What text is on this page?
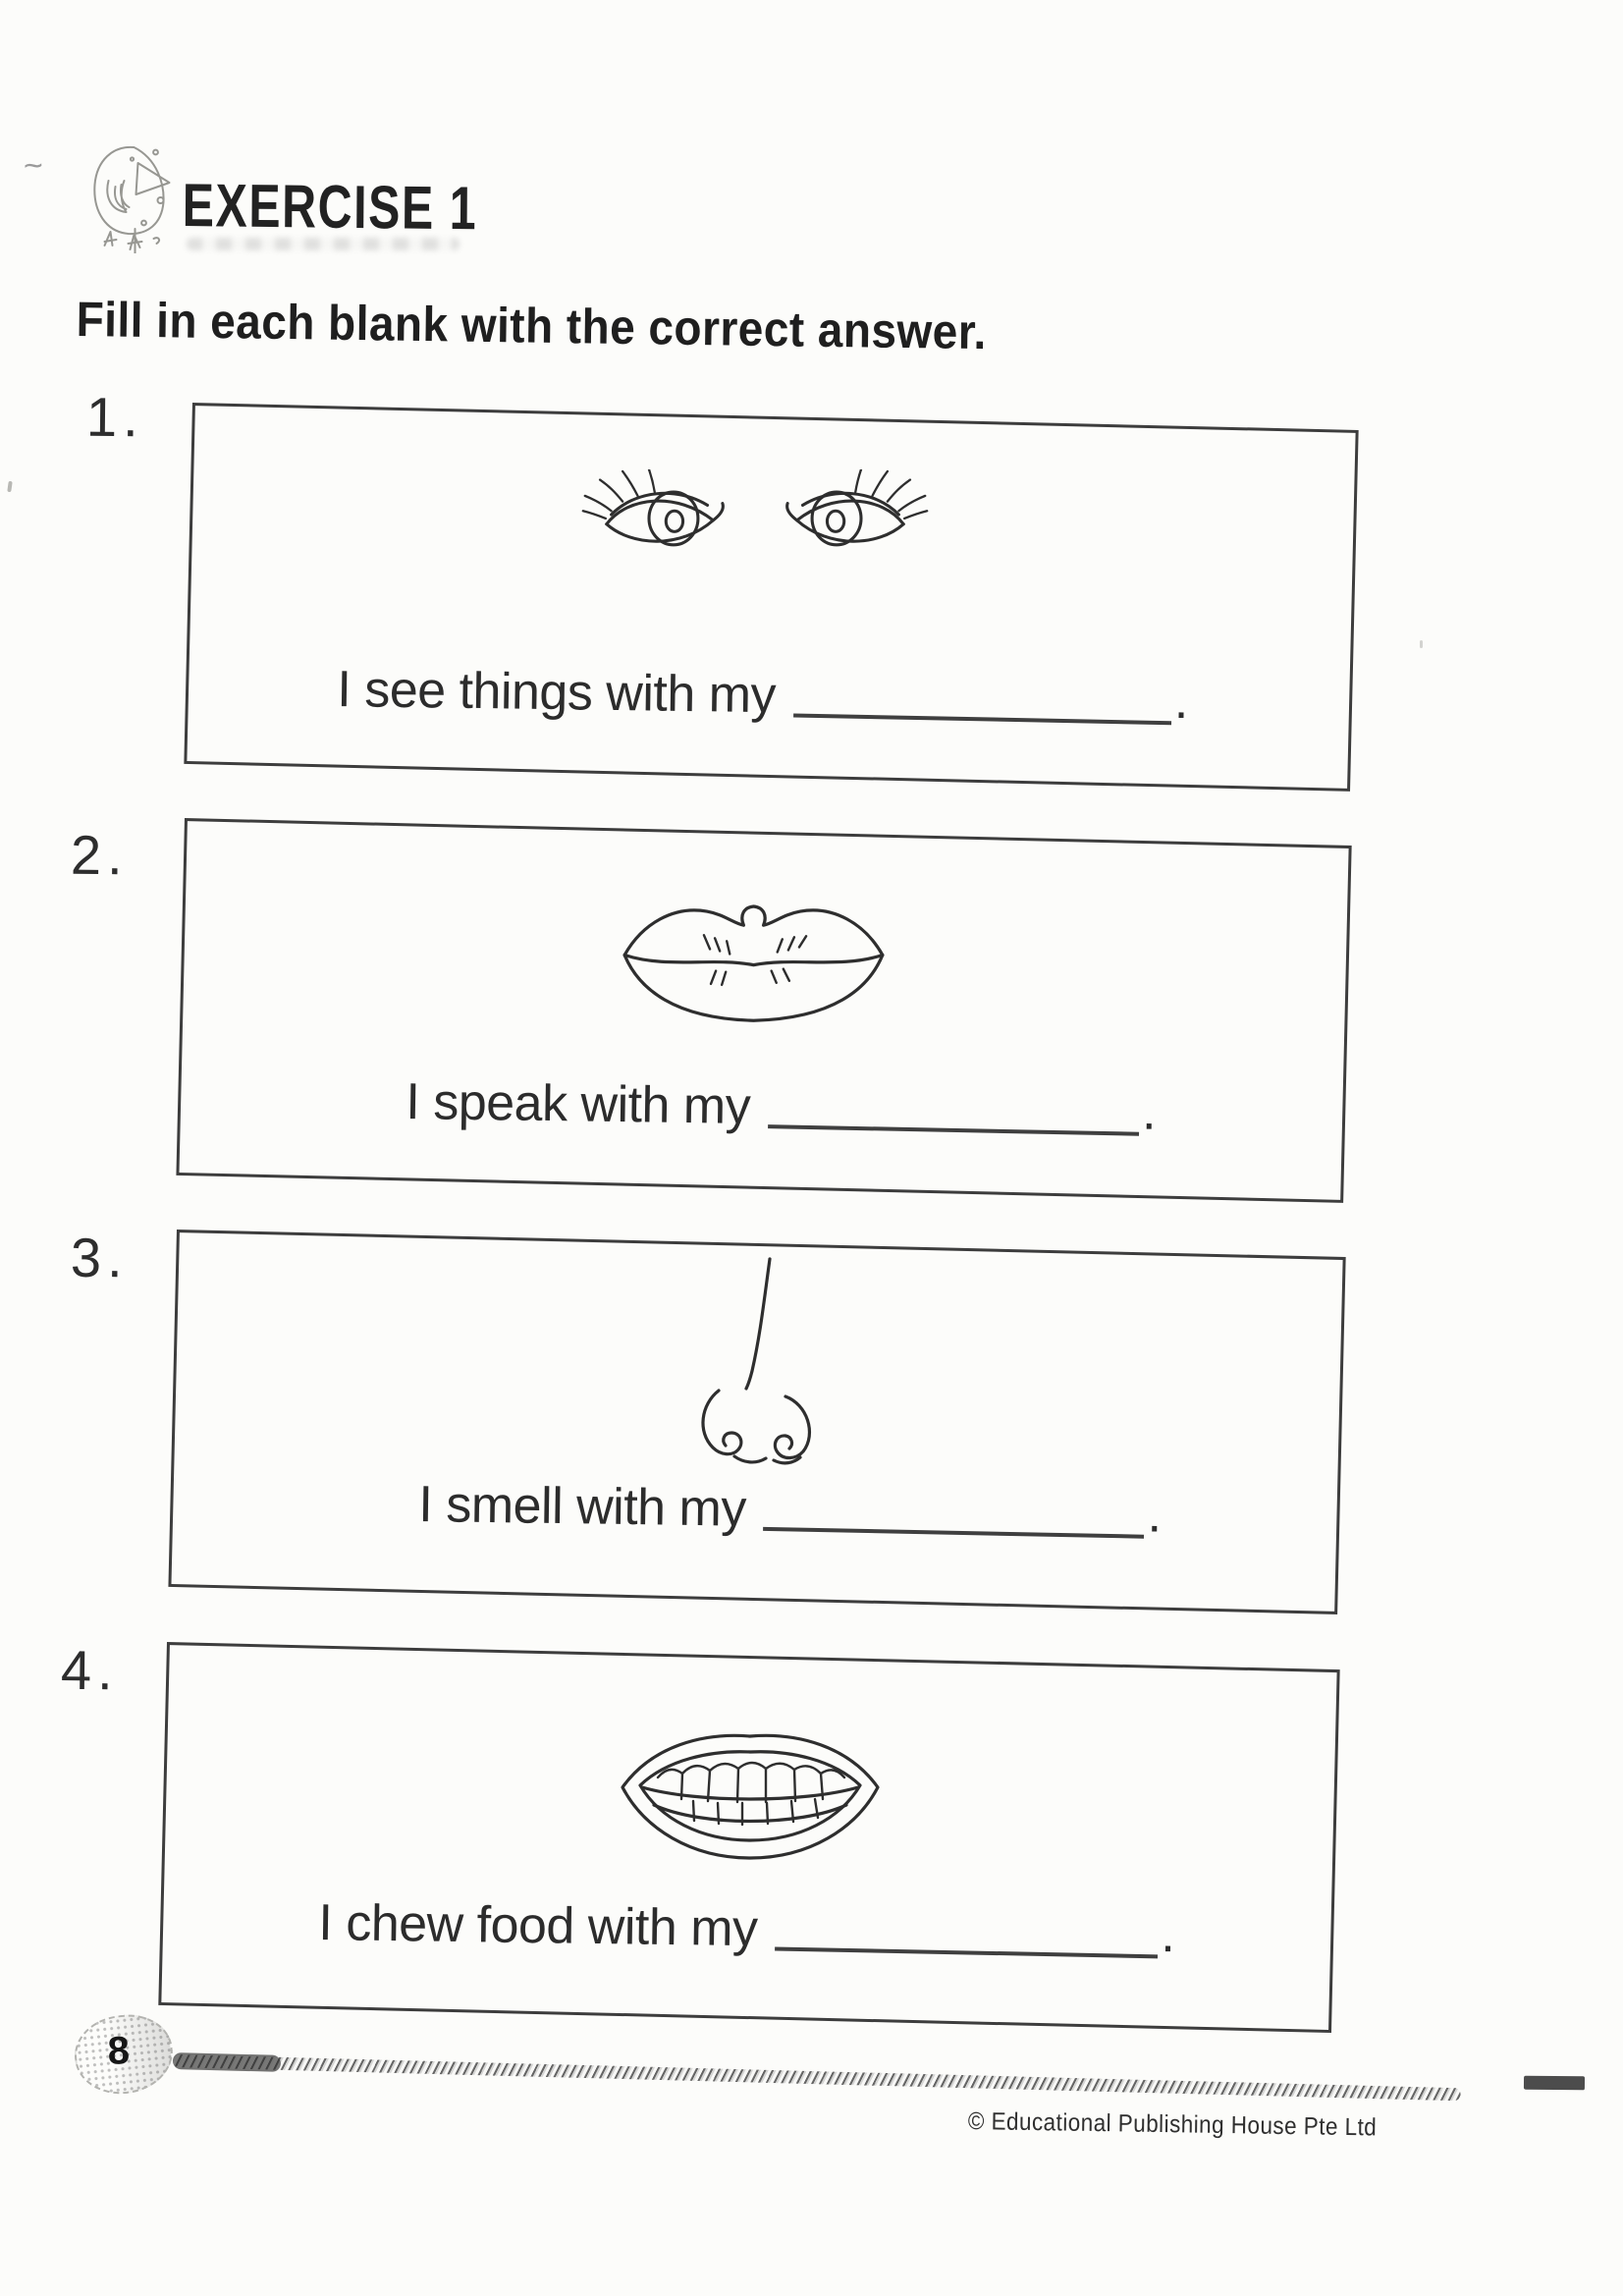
EXERCISE 1
~
Fill in each blank with the correct answer.
1.
I see things with my	.
2.
I speak with my	.
3.
I smell with my	.
4.
I chew food with my	.
8
© Educational Publishing House Pte Ltd
